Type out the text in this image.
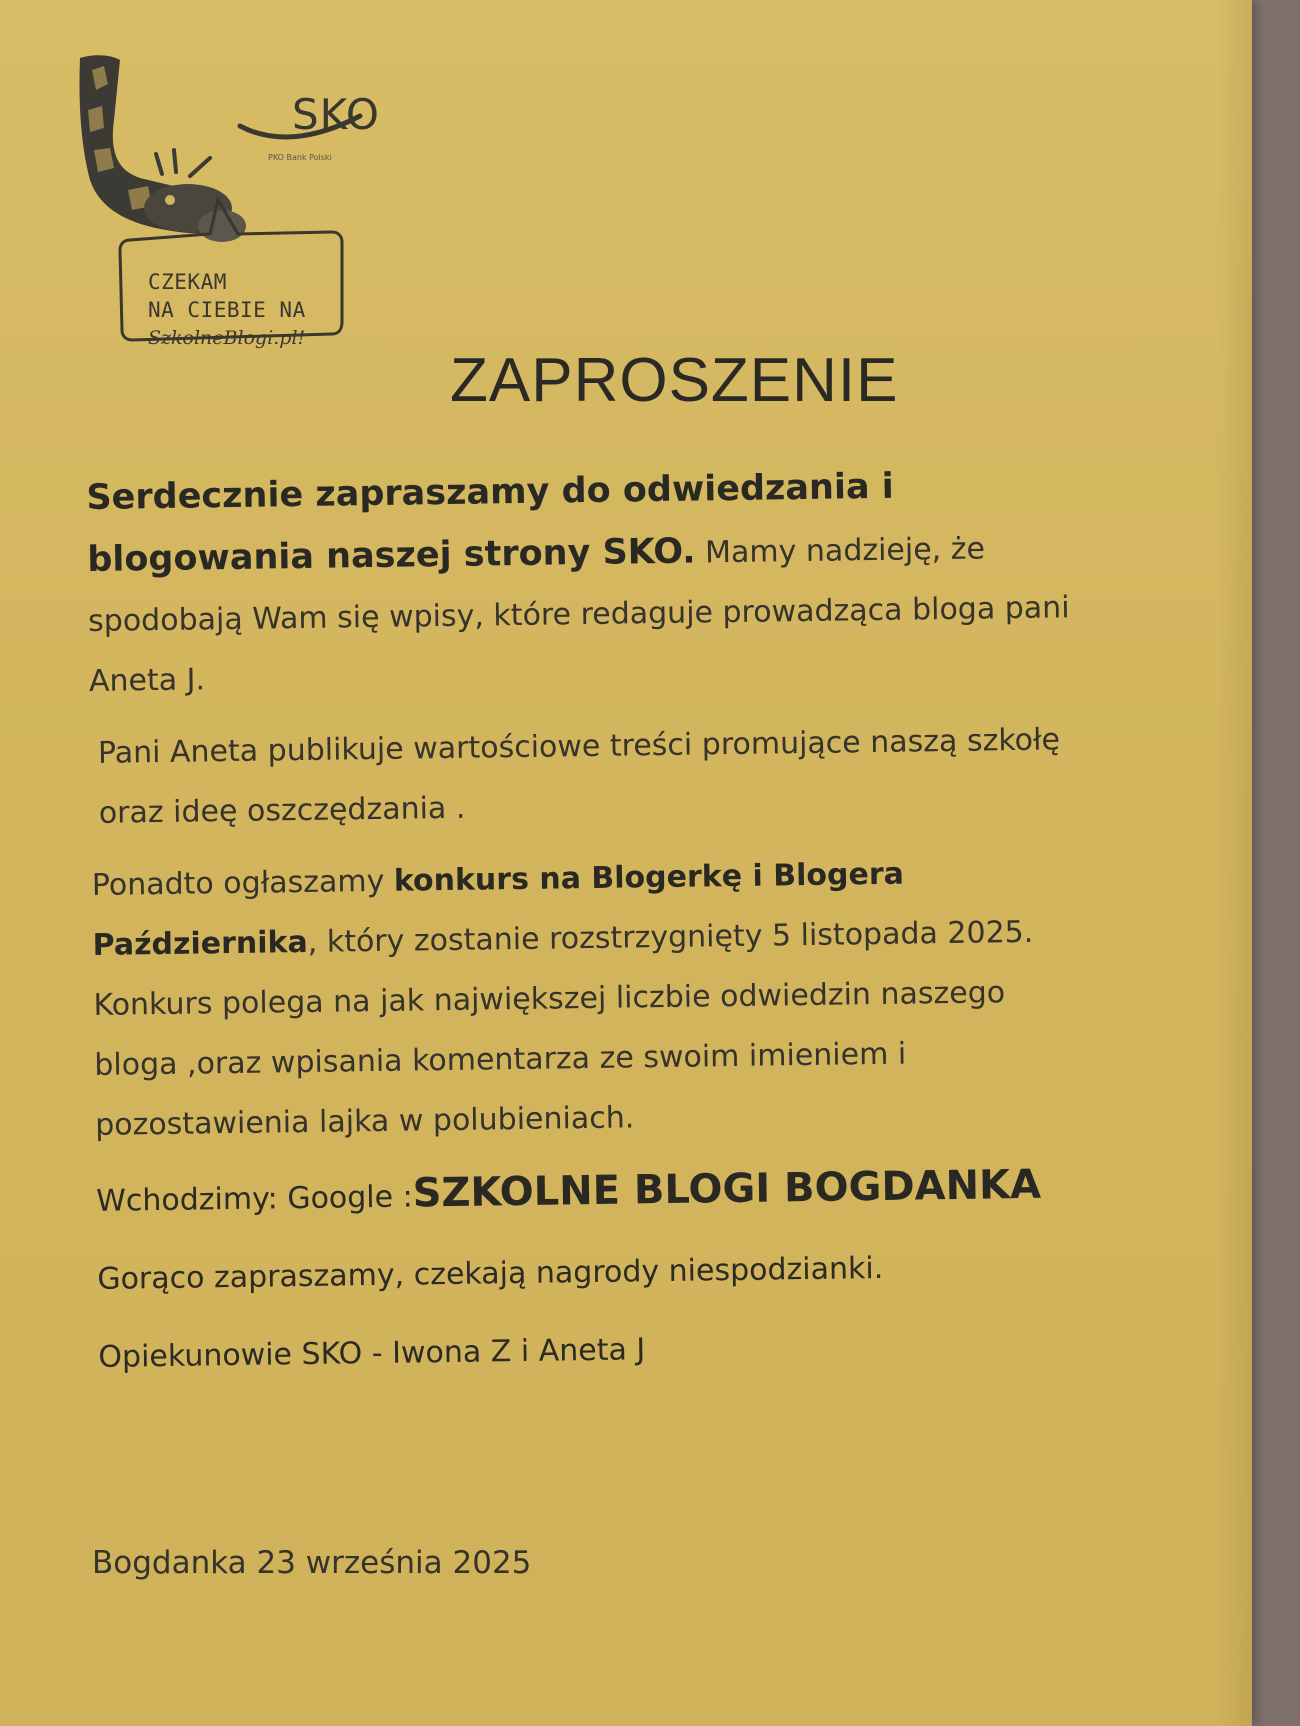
PKO Bank Polski
SKO
CZEKAM
NA CIEBIE NA
SzkolneBlogi.pl!
ZAPROSZENIE

Serdecznie zapraszamy do odwiedzania i blogowania naszej strony SKO. Mamy nadzieję, że spodobają Wam się wpisy, które redaguje prowadząca bloga pani Aneta J.

Pani Aneta publikuje wartościowe treści promujące naszą szkołę oraz ideę oszczędzania .

Ponadto ogłaszamy konkurs na Blogerkę i Blogera Października, który zostanie rozstrzygnięty 5 listopada 2025. Konkurs polega na jak największej liczbie odwiedzin naszego bloga ,oraz wpisania komentarza ze swoim imieniem i pozostawienia lajka w polubieniach.

Wchodzimy: Google :SZKOLNE BLOGI BOGDANKA

Gorąco zapraszamy, czekają nagrody niespodzianki.

Opiekunowie SKO - Iwona Z i Aneta J

Bogdanka 23 września 2025
